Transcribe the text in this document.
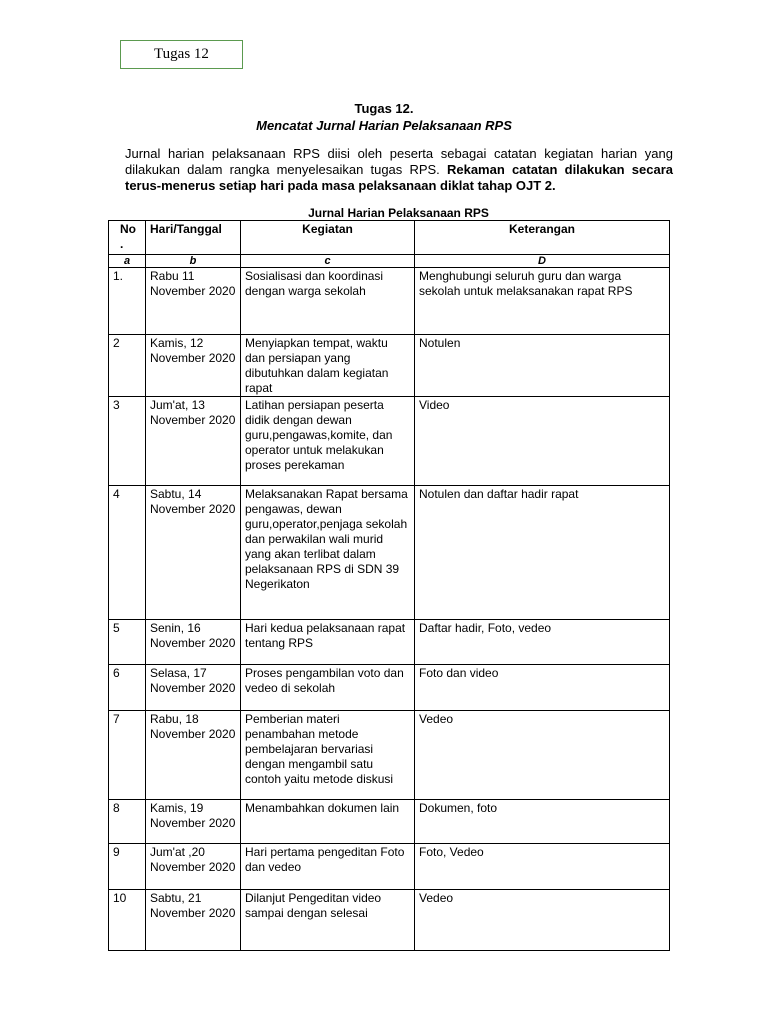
Tugas 12
Tugas 12.
Mencatat Jurnal Harian Pelaksanaan RPS
Jurnal harian pelaksanaan RPS diisi oleh peserta sebagai catatan kegiatan harian yang dilakukan dalam rangka menyelesaikan tugas RPS. Rekaman catatan dilakukan secara terus-menerus setiap hari pada masa pelaksanaan diklat tahap OJT 2.
Jurnal Harian Pelaksanaan RPS
No .	Hari/Tanggal	Kegiatan	Keterangan
a	b	c	D
1.	Rabu 11 November 2020	Sosialisasi dan koordinasi dengan warga sekolah	Menghubungi seluruh guru dan warga sekolah untuk melaksanakan rapat RPS
2	Kamis, 12 November 2020	Menyiapkan tempat, waktu dan persiapan yang dibutuhkan dalam kegiatan rapat	Notulen
3	Jum'at, 13 November 2020	Latihan persiapan peserta didik dengan dewan guru,pengawas,komite, dan operator untuk melakukan proses perekaman	Video
4	Sabtu, 14 November 2020	Melaksanakan Rapat bersama pengawas, dewan guru,operator,penjaga sekolah dan perwakilan wali murid yang akan terlibat dalam pelaksanaan RPS di SDN 39 Negerikaton	Notulen dan daftar hadir rapat
5	Senin, 16 November 2020	Hari kedua pelaksanaan rapat tentang RPS	Daftar hadir, Foto, vedeo
6	Selasa, 17 November 2020	Proses pengambilan voto dan vedeo di sekolah	Foto dan video
7	Rabu, 18 November 2020	Pemberian materi penambahan metode pembelajaran bervariasi dengan mengambil satu contoh yaitu metode diskusi	Vedeo
8	Kamis, 19 November 2020	Menambahkan dokumen lain	Dokumen, foto
9	Jum'at ,20 November 2020	Hari pertama pengeditan Foto dan vedeo	Foto, Vedeo
10	Sabtu, 21 November 2020	Dilanjut Pengeditan video sampai dengan selesai	Vedeo
